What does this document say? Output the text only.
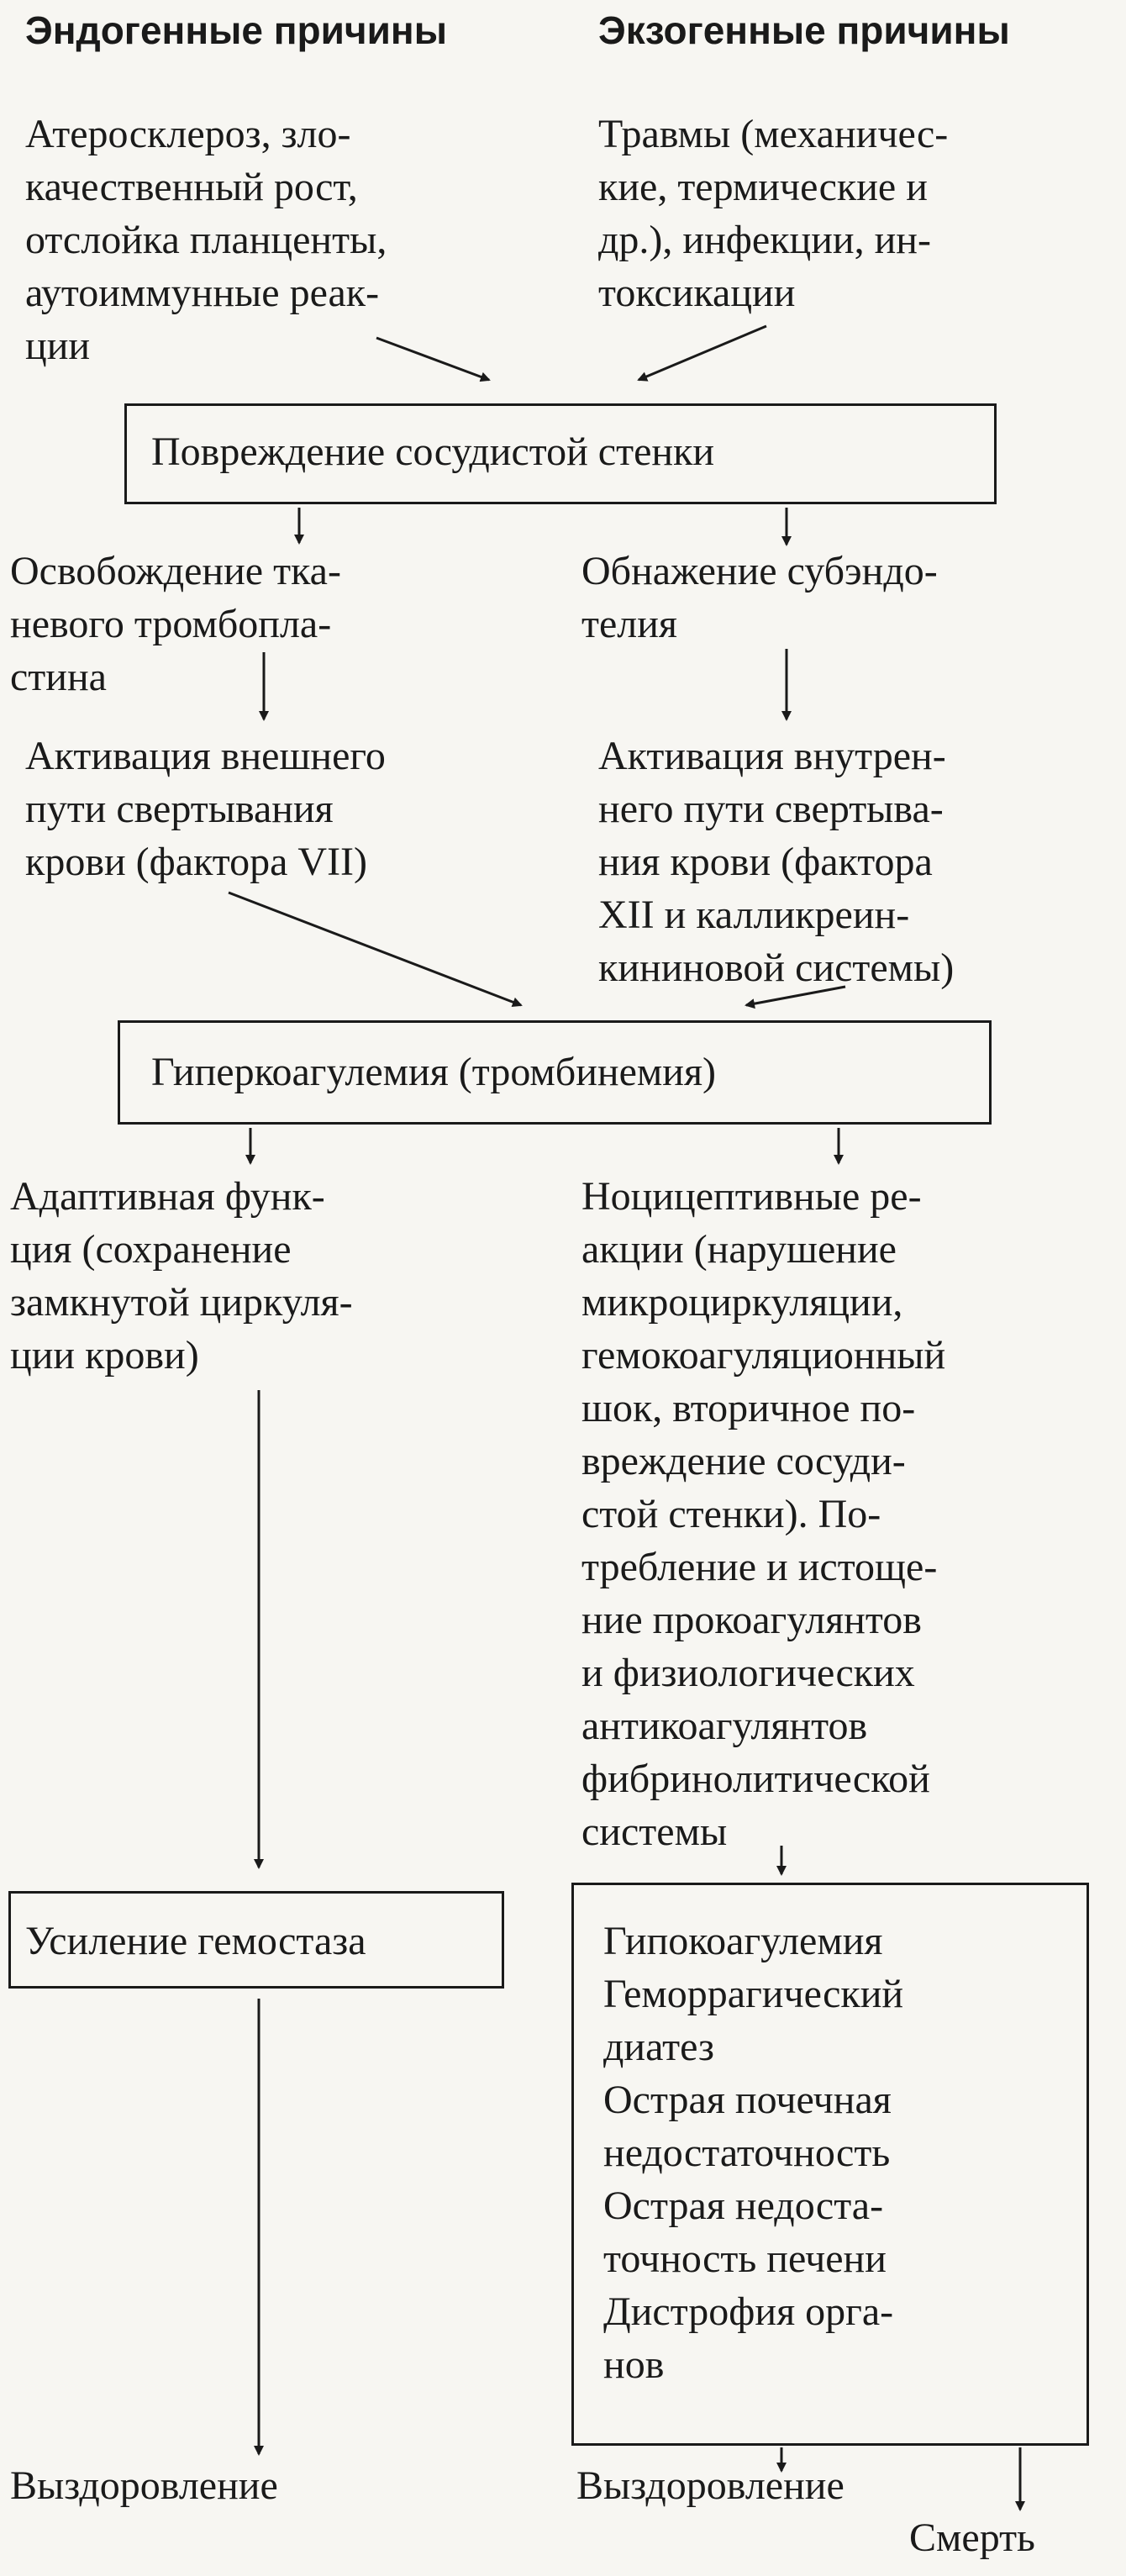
Эндогенные причины	Экзогенные причины
Атеросклероз, зло-
качественный рост,
отслойка планценты,
аутоиммунные реак-
ции
Травмы (механичес-
кие, термические и
др.), инфекции, ин-
токсикации
Повреждение сосудистой стенки
Освобождение тка-
невого тромбопла-
стина
Обнажение субэндо-
телия
Активация внешнего
пути свертывания
крови (фактора VII)
Активация внутрен-
него пути свертыва-
ния крови (фактора
XII и калликреин-
кининовой системы)
Гиперкоагулемия (тромбинемия)
Адаптивная функ-
ция (сохранение
замкнутой циркуля-
ции крови)
Ноцицептивные ре-
акции (нарушение
микроциркуляции,
гемокоагуляционный
шок, вторичное по-
вреждение сосуди-
стой стенки). По-
требление и истоще-
ние прокоагулянтов
и физиологических
антикоагулянтов
фибринолитической
системы
Усиление гемостаза	Гипокоагулемия
Геморрагический
диатез
Острая почечная
недостаточность
Острая недоста-
точность печени
Дистрофия орга-
нов
Выздоровление	Выздоровление
Смерть
